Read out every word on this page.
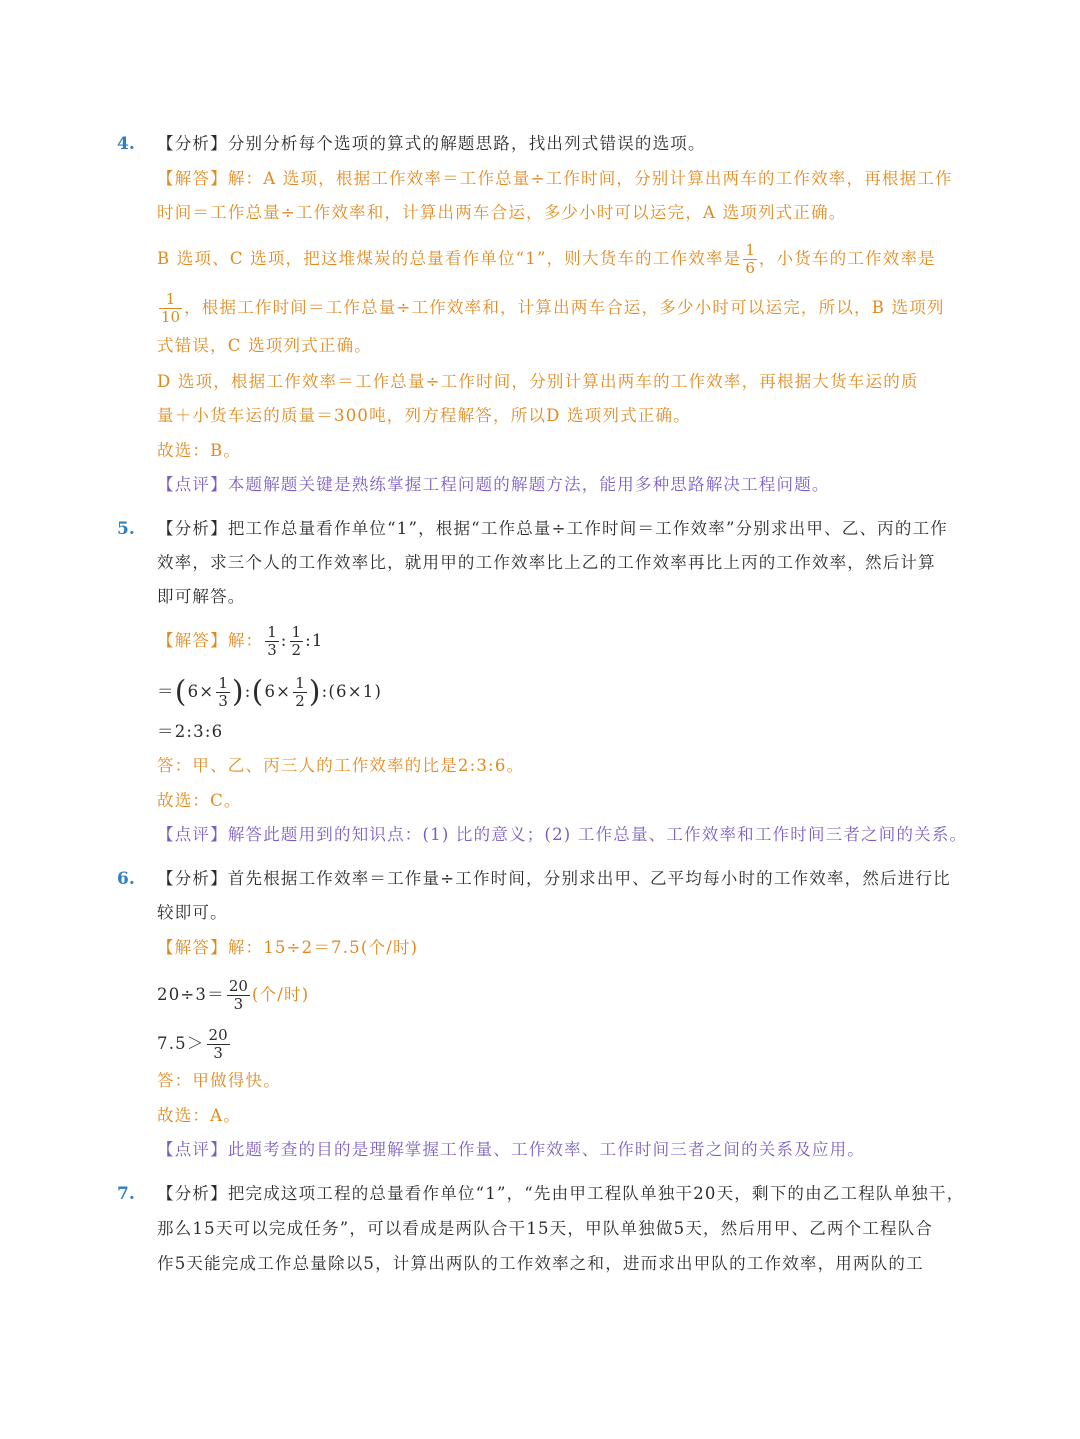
4. 【分析】分别分析每个选项的算式的解题思路，找出列式错误的选项。
【解答】解：A 选项，根据工作效率＝工作总量÷工作时间，分别计算出两车的工作效率，再根据工作
时间＝工作总量÷工作效率和，计算出两车合运，多少小时可以运完，A 选项列式正确。
B 选项、C 选项，把这堆煤炭的总量看作单位“1”，则大货车的工作效率是 $\frac{1}{6}$ ，小货车的工作效率是
$\frac{1}{10}$ ，根据工作时间＝工作总量÷工作效率和，计算出两车合运，多少小时可以运完，所以，B 选项列
式错误，C 选项列式正确。
D 选项，根据工作效率＝工作总量÷工作时间，分别计算出两车的工作效率，再根据大货车运的质
量＋小货车运的质量＝300吨，列方程解答，所以D 选项列式正确。
故选：B。
【点评】本题解题关键是熟练掌握工程问题的解题方法，能用多种思路解决工程问题。
5. 【分析】把工作总量看作单位“1”，根据“工作总量÷工作时间＝工作效率”分别求出甲、乙、丙的工作
效率，求三个人的工作效率比，就用甲的工作效率比上乙的工作效率再比上丙的工作效率，然后计算
即可解答。
【解答】解： $\frac{1}{3}$ : $\frac{1}{2}$ :1
$=(6\times \frac{1}{3}$ ):(6× $\frac{1}{2}$ ):(6×1)
＝2:3:6
答：甲、乙、丙三人的工作效率的比是2:3:6。
故选：C。
【点评】解答此题用到的知识点：(1) 比的意义；(2) 工作总量、工作效率和工作时间三者之间的关系。
6. 【分析】首先根据工作效率＝工作量÷工作时间，分别求出甲、乙平均每小时的工作效率，然后进行比
较即可。
【解答】解：15÷2＝7.5(个/时)
$20\div 3= \frac{20}{3}$ (个/时)
$7.5> \frac{20}{3}$
答：甲做得快。
故选：A。
【点评】此题考查的目的是理解掌握工作量、工作效率、工作时间三者之间的关系及应用。
7. 【分析】把完成这项工程的总量看作单位“1”，“先由甲工程队单独干20天，剩下的由乙工程队单独干，
那么15天可以完成任务”，可以看成是两队合干15天，甲队单独做5天，然后用甲、乙两个工程队合
作5天能完成工作总量除以5，计算出两队的工作效率之和，进而求出甲队的工作效率，用两队的工
